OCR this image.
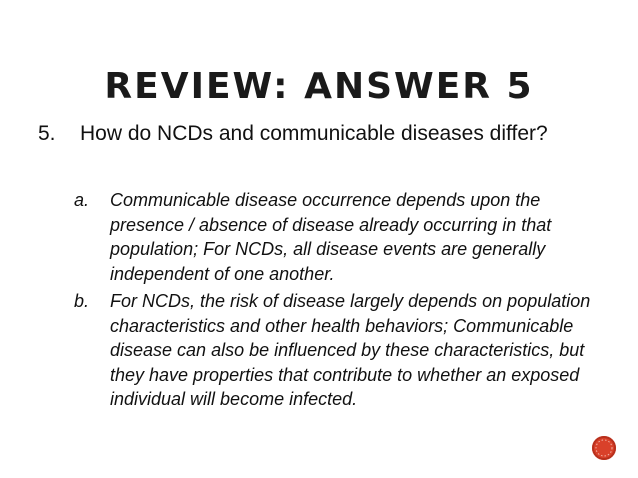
REVIEW: ANSWER 5
5. How do NCDs and communicable diseases differ?
a. Communicable disease occurrence depends upon the presence / absence of disease already occurring in that population; For NCDs, all disease events are generally independent of one another.
b. For NCDs, the risk of disease largely depends on population characteristics and other health behaviors; Communicable disease can also be influenced by these characteristics, but they have properties that contribute to whether an exposed individual will become infected.
